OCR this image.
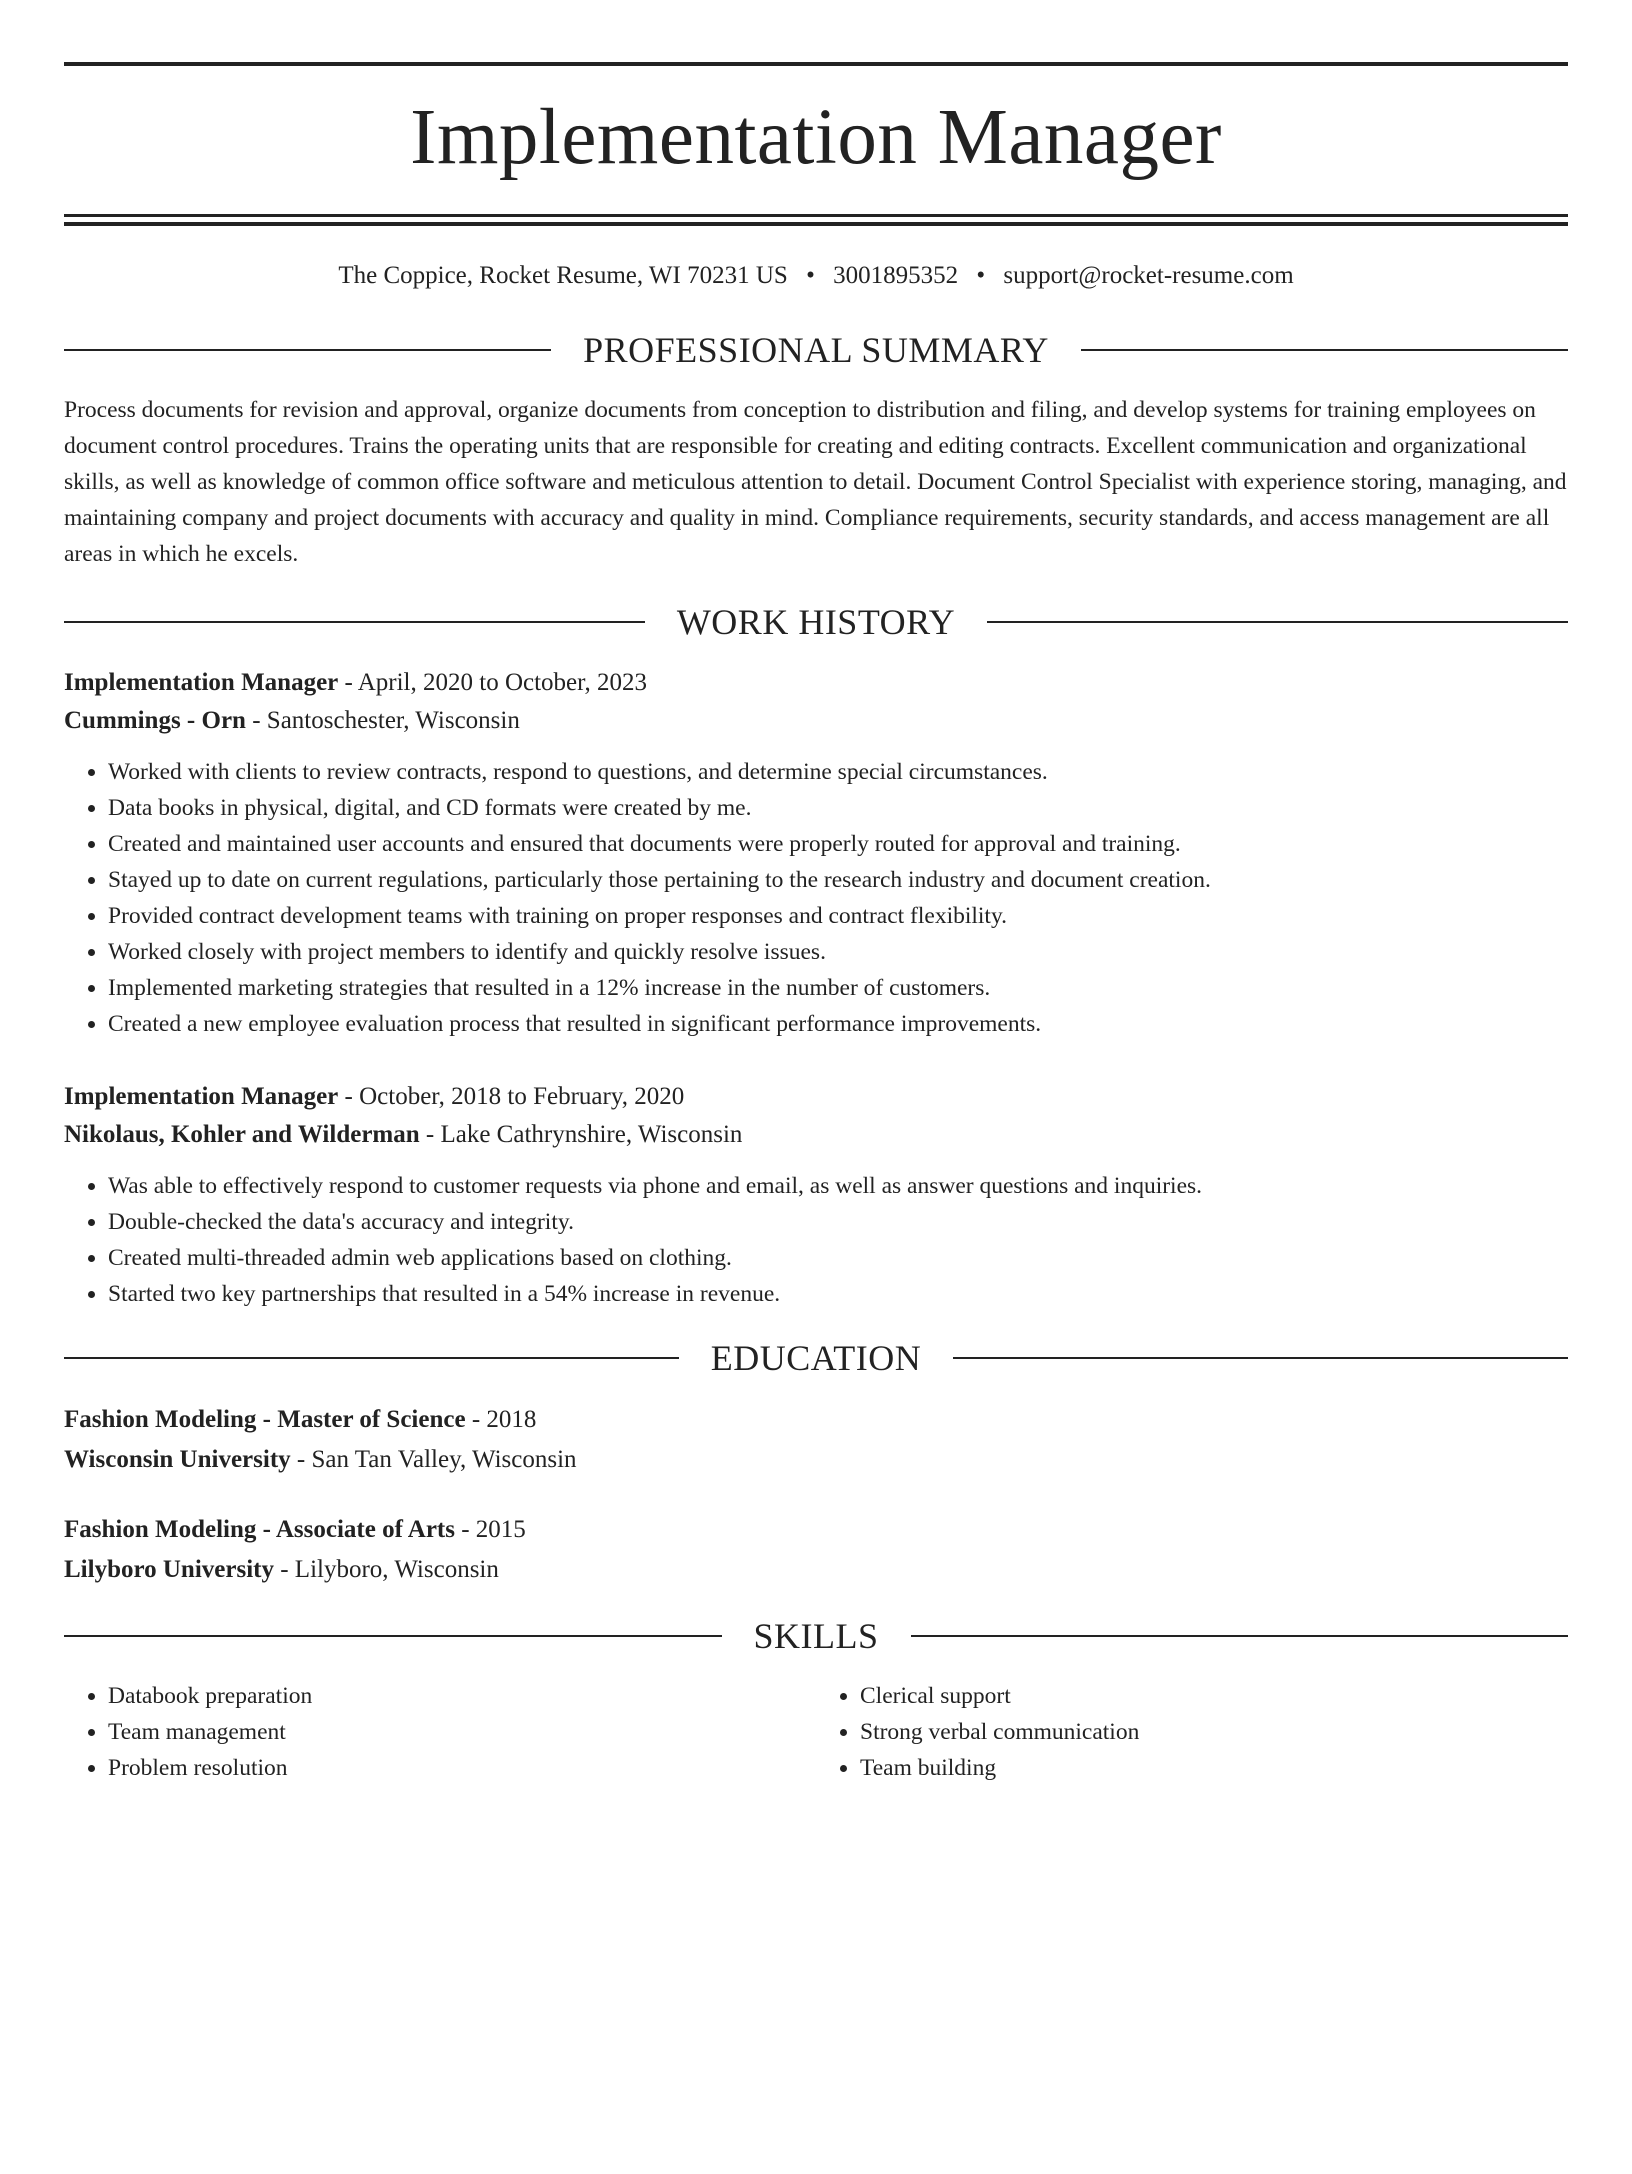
Implementation Manager
The Coppice, Rocket Resume, WI 70231 US • 3001895352 • support@rocket-resume.com
PROFESSIONAL SUMMARY

Process documents for revision and approval, organize documents from conception to distribution and filing, and develop systems for training employees on document control procedures. Trains the operating units that are responsible for creating and editing contracts. Excellent communication and organizational skills, as well as knowledge of common office software and meticulous attention to detail. Document Control Specialist with experience storing, managing, and maintaining company and project documents with accuracy and quality in mind. Compliance requirements, security standards, and access management are all areas in which he excels.

WORK HISTORY
Implementation Manager - April, 2020 to October, 2023
Cummings - Orn - Santoschester, Wisconsin
• Worked with clients to review contracts, respond to questions, and determine special circumstances.
• Data books in physical, digital, and CD formats were created by me.
• Created and maintained user accounts and ensured that documents were properly routed for approval and training.
• Stayed up to date on current regulations, particularly those pertaining to the research industry and document creation.
• Provided contract development teams with training on proper responses and contract flexibility.
• Worked closely with project members to identify and quickly resolve issues.
• Implemented marketing strategies that resulted in a 12% increase in the number of customers.
• Created a new employee evaluation process that resulted in significant performance improvements.
Implementation Manager - October, 2018 to February, 2020
Nikolaus, Kohler and Wilderman - Lake Cathrynshire, Wisconsin
• Was able to effectively respond to customer requests via phone and email, as well as answer questions and inquiries.
• Double-checked the data's accuracy and integrity.
• Created multi-threaded admin web applications based on clothing.
• Started two key partnerships that resulted in a 54% increase in revenue.
EDUCATION
Fashion Modeling - Master of Science - 2018
Wisconsin University - San Tan Valley, Wisconsin
Fashion Modeling - Associate of Arts - 2015
Lilyboro University - Lilyboro, Wisconsin
SKILLS
• Databook preparation
• Team management
• Problem resolution
• Clerical support
• Strong verbal communication
• Team building
